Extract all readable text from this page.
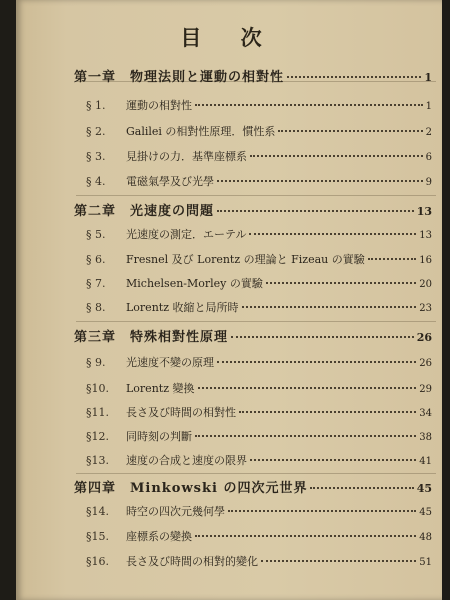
目 次
第一章　物理法則と運動の相對性	1
§ 1.	運動の相對性	1
§ 2.	Galilei の相對性原理．慣性系	2
§ 3.	見掛けの力．基準座標系	6
§ 4.	電磁氣學及び光學	9
第二章　光速度の問題	13
§ 5.	光速度の測定．エーテル	13
§ 6.	Fresnel 及び Lorentz の理論と Fizeau の實驗	16
§ 7.	Michelsen-Morley の實驗	20
§ 8.	Lorentz 收縮と局所時	23
第三章　特殊相對性原理	26
§ 9.	光速度不變の原理	26
§10.	Lorentz 變換	29
§11.	長さ及び時間の相對性	34
§12.	同時刻の判斷	38
§13.	速度の合成と速度の限界	41
第四章　Minkowski の四次元世界	45
§14.	時空の四次元幾何學	45
§15.	座標系の變換	48
§16.	長さ及び時間の相對的變化	51
